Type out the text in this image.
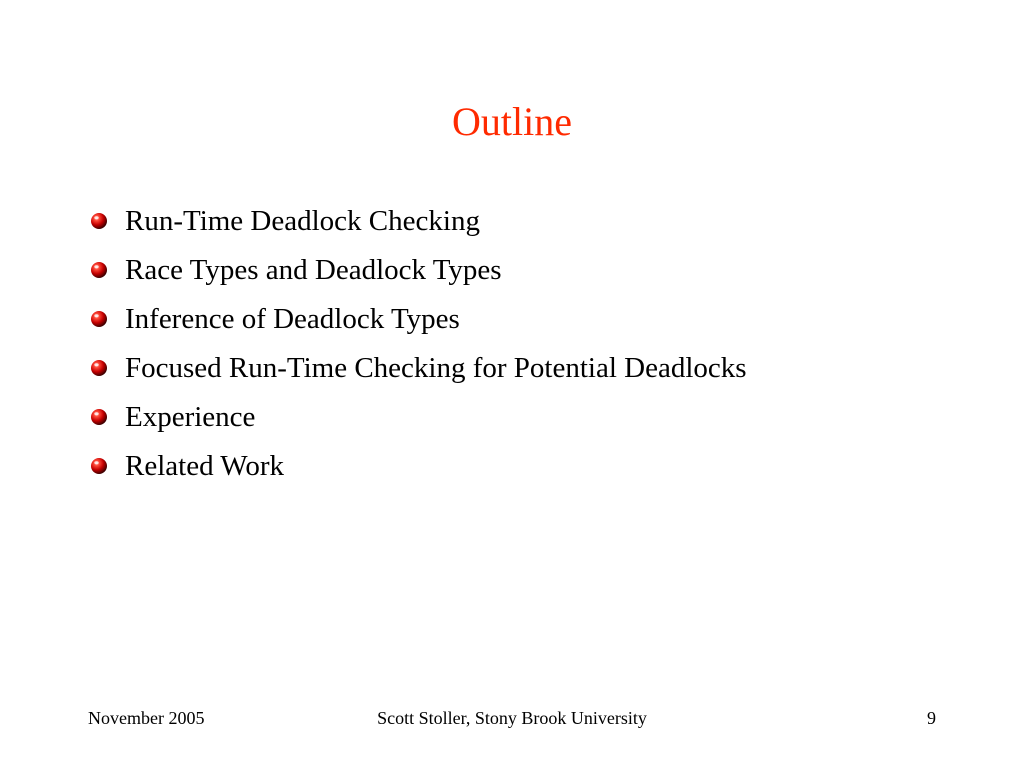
Outline
Run-Time Deadlock Checking
Race Types and Deadlock Types
Inference of Deadlock Types
Focused Run-Time Checking for Potential Deadlocks
Experience
Related Work
November 2005	Scott Stoller, Stony Brook University	9
